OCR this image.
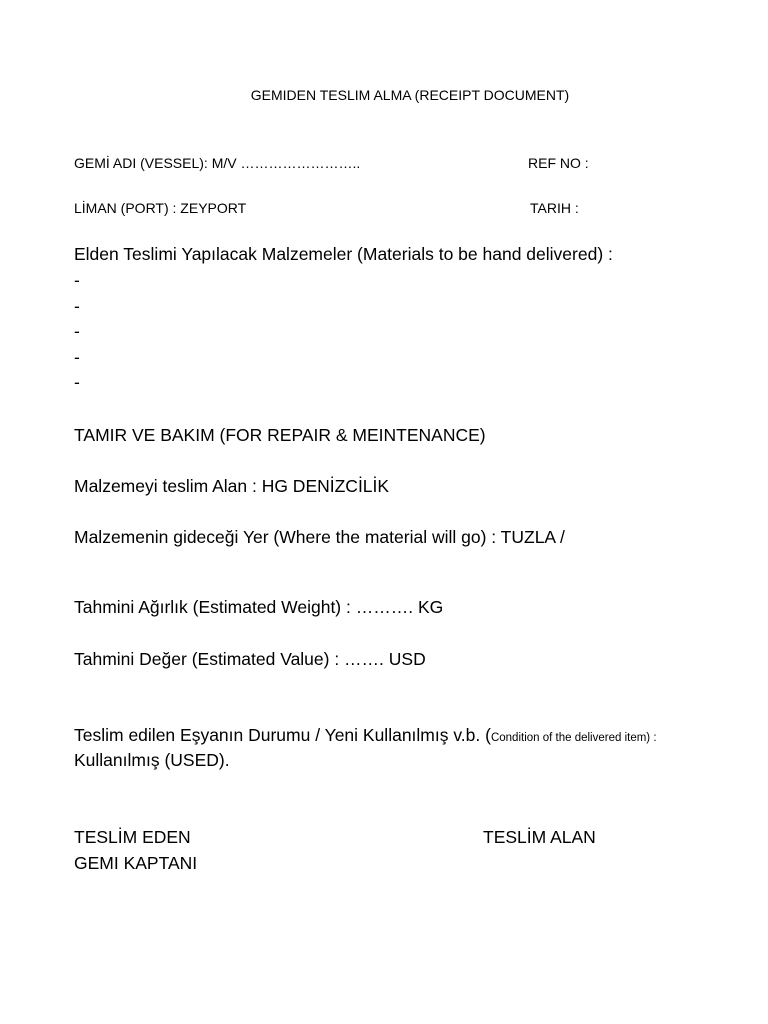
GEMIDEN TESLIM ALMA (RECEIPT DOCUMENT)
GEMİ ADI (VESSEL): M/V ……………………..	REF NO :
LİMAN (PORT) : ZEYPORT	TARIH :
Elden Teslimi Yapılacak Malzemeler (Materials to be hand delivered) :
-
-
-
-
-
TAMIR VE BAKIM (FOR REPAIR & MEINTENANCE)
Malzemeyi teslim Alan : HG DENİZCİLİK
Malzemenin gideceği Yer (Where the material will go) : TUZLA /
Tahmini Ağırlık (Estimated Weight) : ………. KG
Tahmini Değer (Estimated Value) : ……. USD
Teslim edilen Eşyanın Durumu / Yeni Kullanılmış v.b. (Condition of the delivered item) :
Kullanılmış (USED).
TESLİM EDEN
GEMI KAPTANI
TESLİM ALAN
